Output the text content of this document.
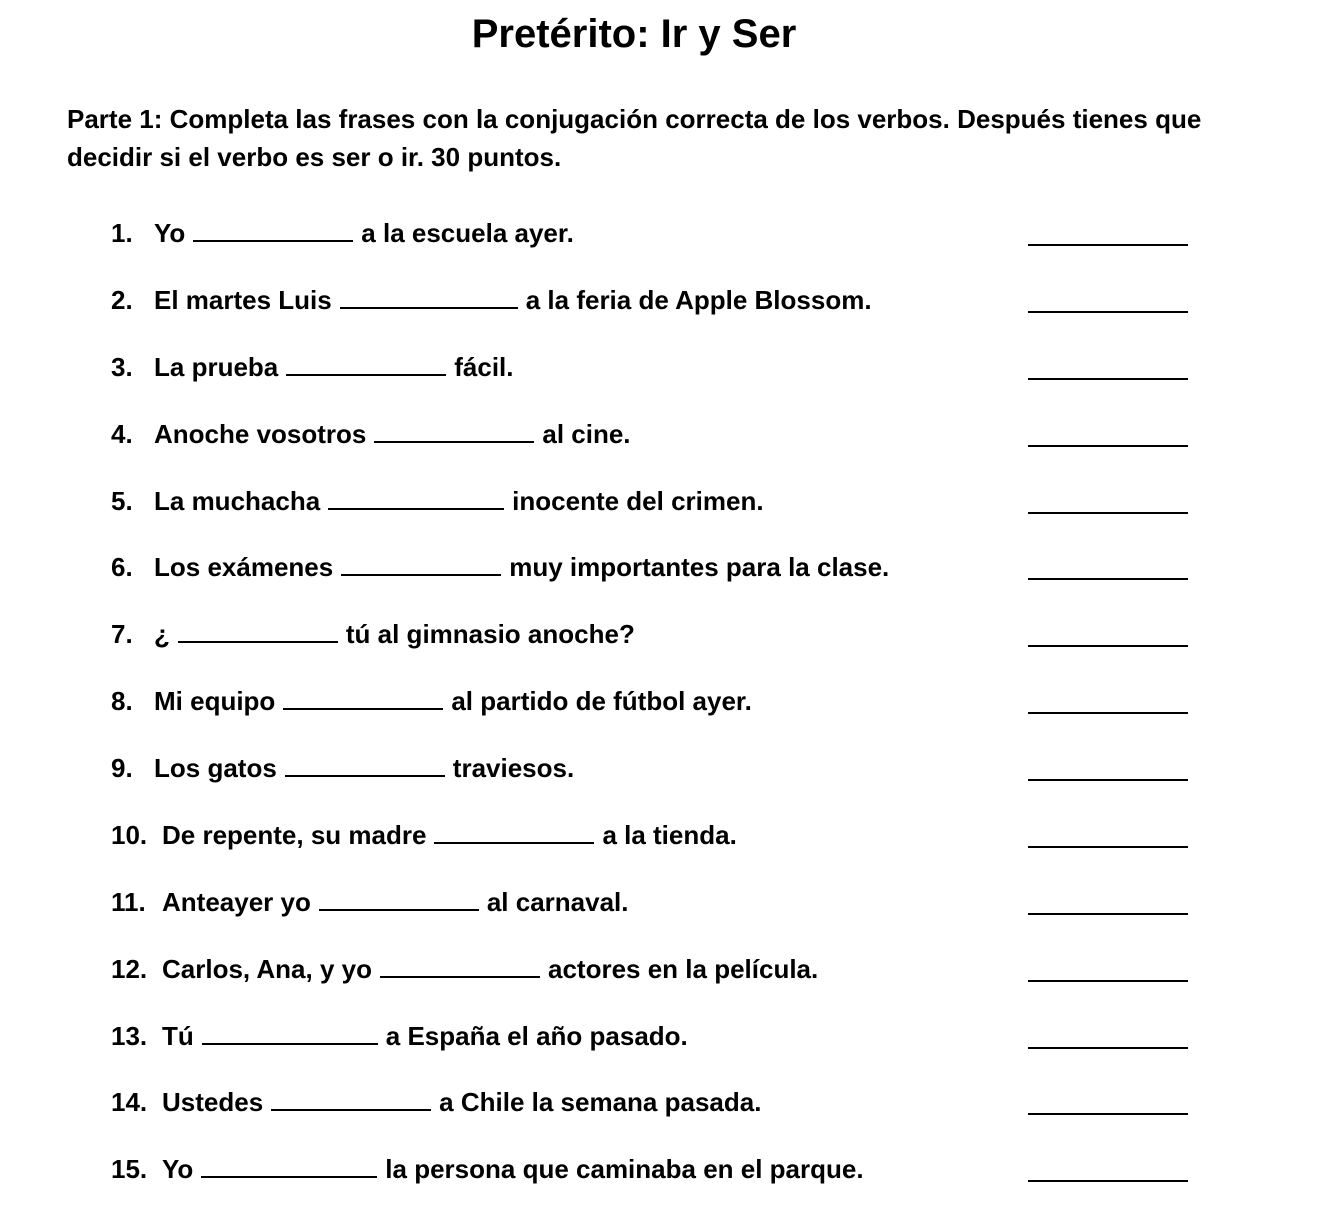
Pretérito: Ir y Ser
Parte 1: Completa las frases con la conjugación correcta de los verbos. Después tienes que decidir si el verbo es ser o ir. 30 puntos.
1. Yo	a la escuela ayer.
2. El martes Luis	a la feria de Apple Blossom.
3. La prueba	fácil.
4. Anoche vosotros	al cine.
5. La muchacha	inocente del crimen.
6. Los exámenes	muy importantes para la clase.
7. ¿	tú al gimnasio anoche?
8. Mi equipo	al partido de fútbol ayer.
9. Los gatos	traviesos.
10. De repente, su madre	a la tienda.
11. Anteayer yo	al carnaval.
12. Carlos, Ana, y yo	actores en la película.
13. Tú	a España el año pasado.
14. Ustedes	a Chile la semana pasada.
15. Yo	la persona que caminaba en el parque.
